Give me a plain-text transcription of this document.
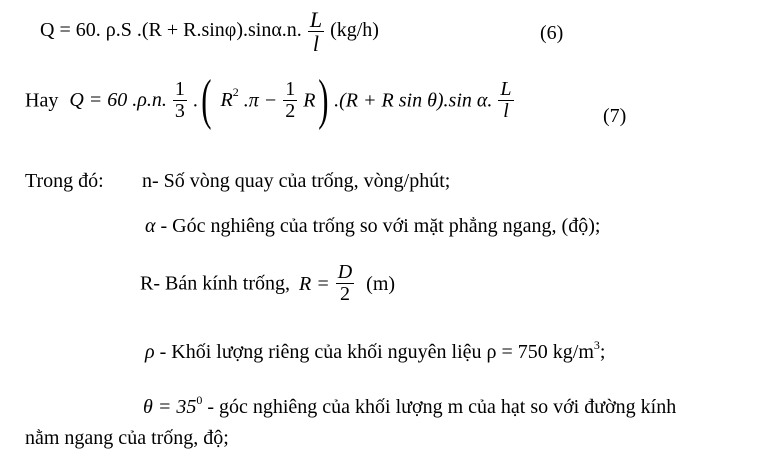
Q = 60. ρ.S .(R + R.sinφ).sinα.n. $\frac{L}{l} (kg/h)$	(6)
Hay Q = 60 .ρ.n. $\frac{1}{3}$ . ( $R^2$ $.\pi - \frac{1}{2}$ R ) .(R + R sin θ).sin α. $\frac{L}{l}$	(7)
Trong đó: n- Số vòng quay của trống, vòng/phút;
α - Góc nghiêng của trống so với mặt phẳng ngang, (độ);
R- Bán kính trống, $R = \frac{D}{2} (m)$
ρ - Khối lượng riêng của khối nguyên liệu ρ = 750 $kg/m^3$;
$\theta = 35^0$ - góc nghiêng của khối lượng m của hạt so với đường kính
nằm ngang của trống, độ;
